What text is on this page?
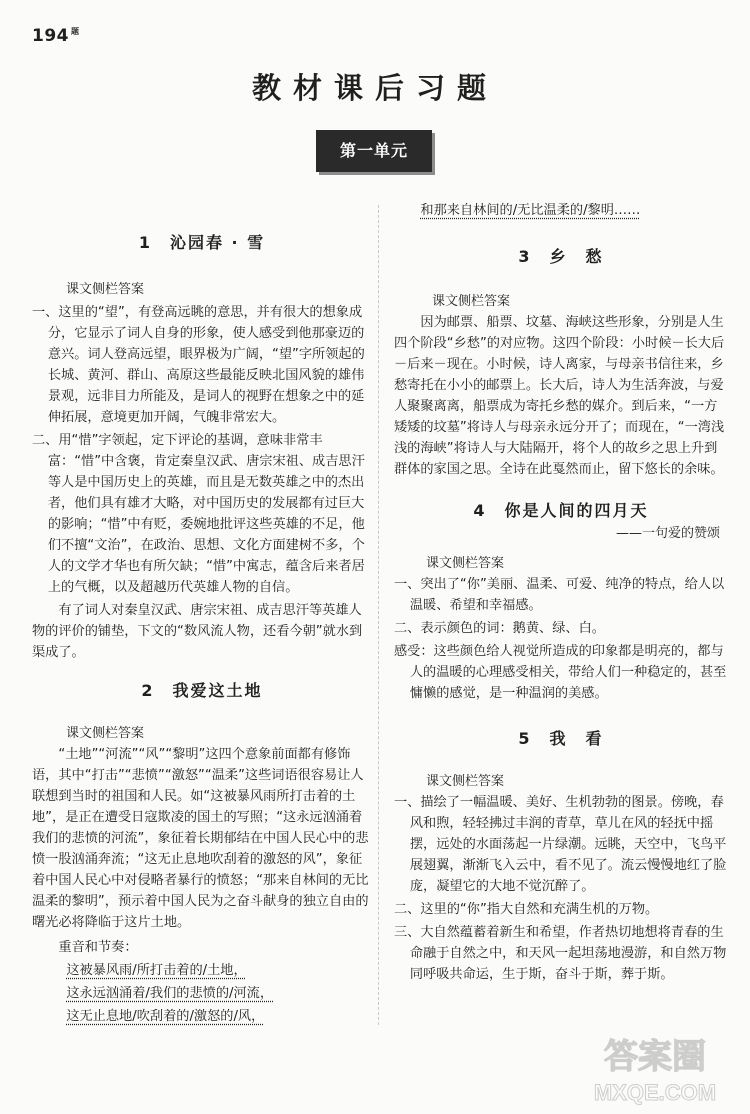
194 $^题$
教材课后习题
第一单元
1　沁园春 · 雪
课文侧栏答案

一、这里的“望”，有登高远眺的意思，并有很大的想象成分，它显示了词人自身的形象，使人感受到他那豪迈的意兴。词人登高远望，眼界极为广阔，“望”字所领起的长城、黄河、群山、高原这些最能反映北国风貌的雄伟景观，远非目力所能及，是词人的视野在想象之中的延伸拓展，意境更加开阔，气魄非常宏大。

二、用“惜”字领起，定下评论的基调，意味非常丰富：“惜”中含褒，肯定秦皇汉武、唐宗宋祖、成吉思汗等人是中国历史上的英雄，而且是无数英雄之中的杰出者，他们具有雄才大略，对中国历史的发展都有过巨大的影响；“惜”中有贬，委婉地批评这些英雄的不足，他们不擅“文治”，在政治、思想、文化方面建树不多，个人的文学才华也有所欠缺；“惜”中寓志，蕴含后来者居上的气概，以及超越历代英雄人物的自信。

有了词人对秦皇汉武、唐宗宋祖、成吉思汗等英雄人物的评价的铺垫，下文的“数风流人物，还看今朝”就水到渠成了。

2　我爱这土地
课文侧栏答案

“土地”“河流”“风”“黎明”这四个意象前面都有修饰语，其中“打击”“悲愤”“激怒”“温柔”这些词语很容易让人联想到当时的祖国和人民。如“这被暴风雨所打击着的土地”，是正在遭受日寇欺凌的国土的写照；“这永远汹涌着我们的悲愤的河流”，象征着长期郁结在中国人民心中的悲愤一股汹涌奔流；“这无止息地吹刮着的激怒的风”，象征着中国人民心中对侵略者暴行的愤怒；“那来自林间的无比温柔的黎明”，预示着中国人民为之奋斗献身的独立自由的曙光必将降临于这片土地。

重音和节奏：

这被暴风雨/所打击着的/土地，

这永远汹涌着/我们的悲愤的/河流，

这无止息地/吹刮着的/激怒的/风，

和那来自林间的/无比温柔的/黎明……

3　乡　愁
课文侧栏答案

因为邮票、船票、坟墓、海峡这些形象，分别是人生四个阶段“乡愁”的对应物。这四个阶段：小时候－长大后－后来－现在。小时候，诗人离家，与母亲书信往来，乡愁寄托在小小的邮票上。长大后，诗人为生活奔波，与爱人聚聚离离，船票成为寄托乡愁的媒介。到后来，“一方矮矮的坟墓”将诗人与母亲永远分开了；而现在，“一湾浅浅的海峡”将诗人与大陆隔开，将个人的故乡之思上升到群体的家国之思。全诗在此戛然而止，留下悠长的余味。

4　你是人间的四月天
——一句爱的赞颂
课文侧栏答案

一、突出了“你”美丽、温柔、可爱、纯净的特点，给人以温暖、希望和幸福感。

二、表示颜色的词：鹅黄、绿、白。

感受：这些颜色给人视觉所造成的印象都是明亮的，都与人的温暖的心理感受相关，带给人们一种稳定的，甚至慵懒的感觉，是一种温润的美感。

5　我　看
课文侧栏答案

一、描绘了一幅温暖、美好、生机勃勃的图景。傍晚，春风和煦，轻轻拂过丰润的青草，草儿在风的轻抚中摇摆，远处的水面荡起一片绿潮。远眺，天空中，飞鸟平展翅翼，渐渐飞入云中，看不见了。流云慢慢地红了脸庞，凝望它的大地不觉沉醉了。

二、这里的“你”指大自然和充满生机的万物。

三、大自然蕴蓄着新生和希望，作者热切地想将青春的生命融于自然之中，和天风一起坦荡地漫游，和自然万物同呼吸共命运，生于斯，奋斗于斯，葬于斯。

答案圈
MXQE.COM
